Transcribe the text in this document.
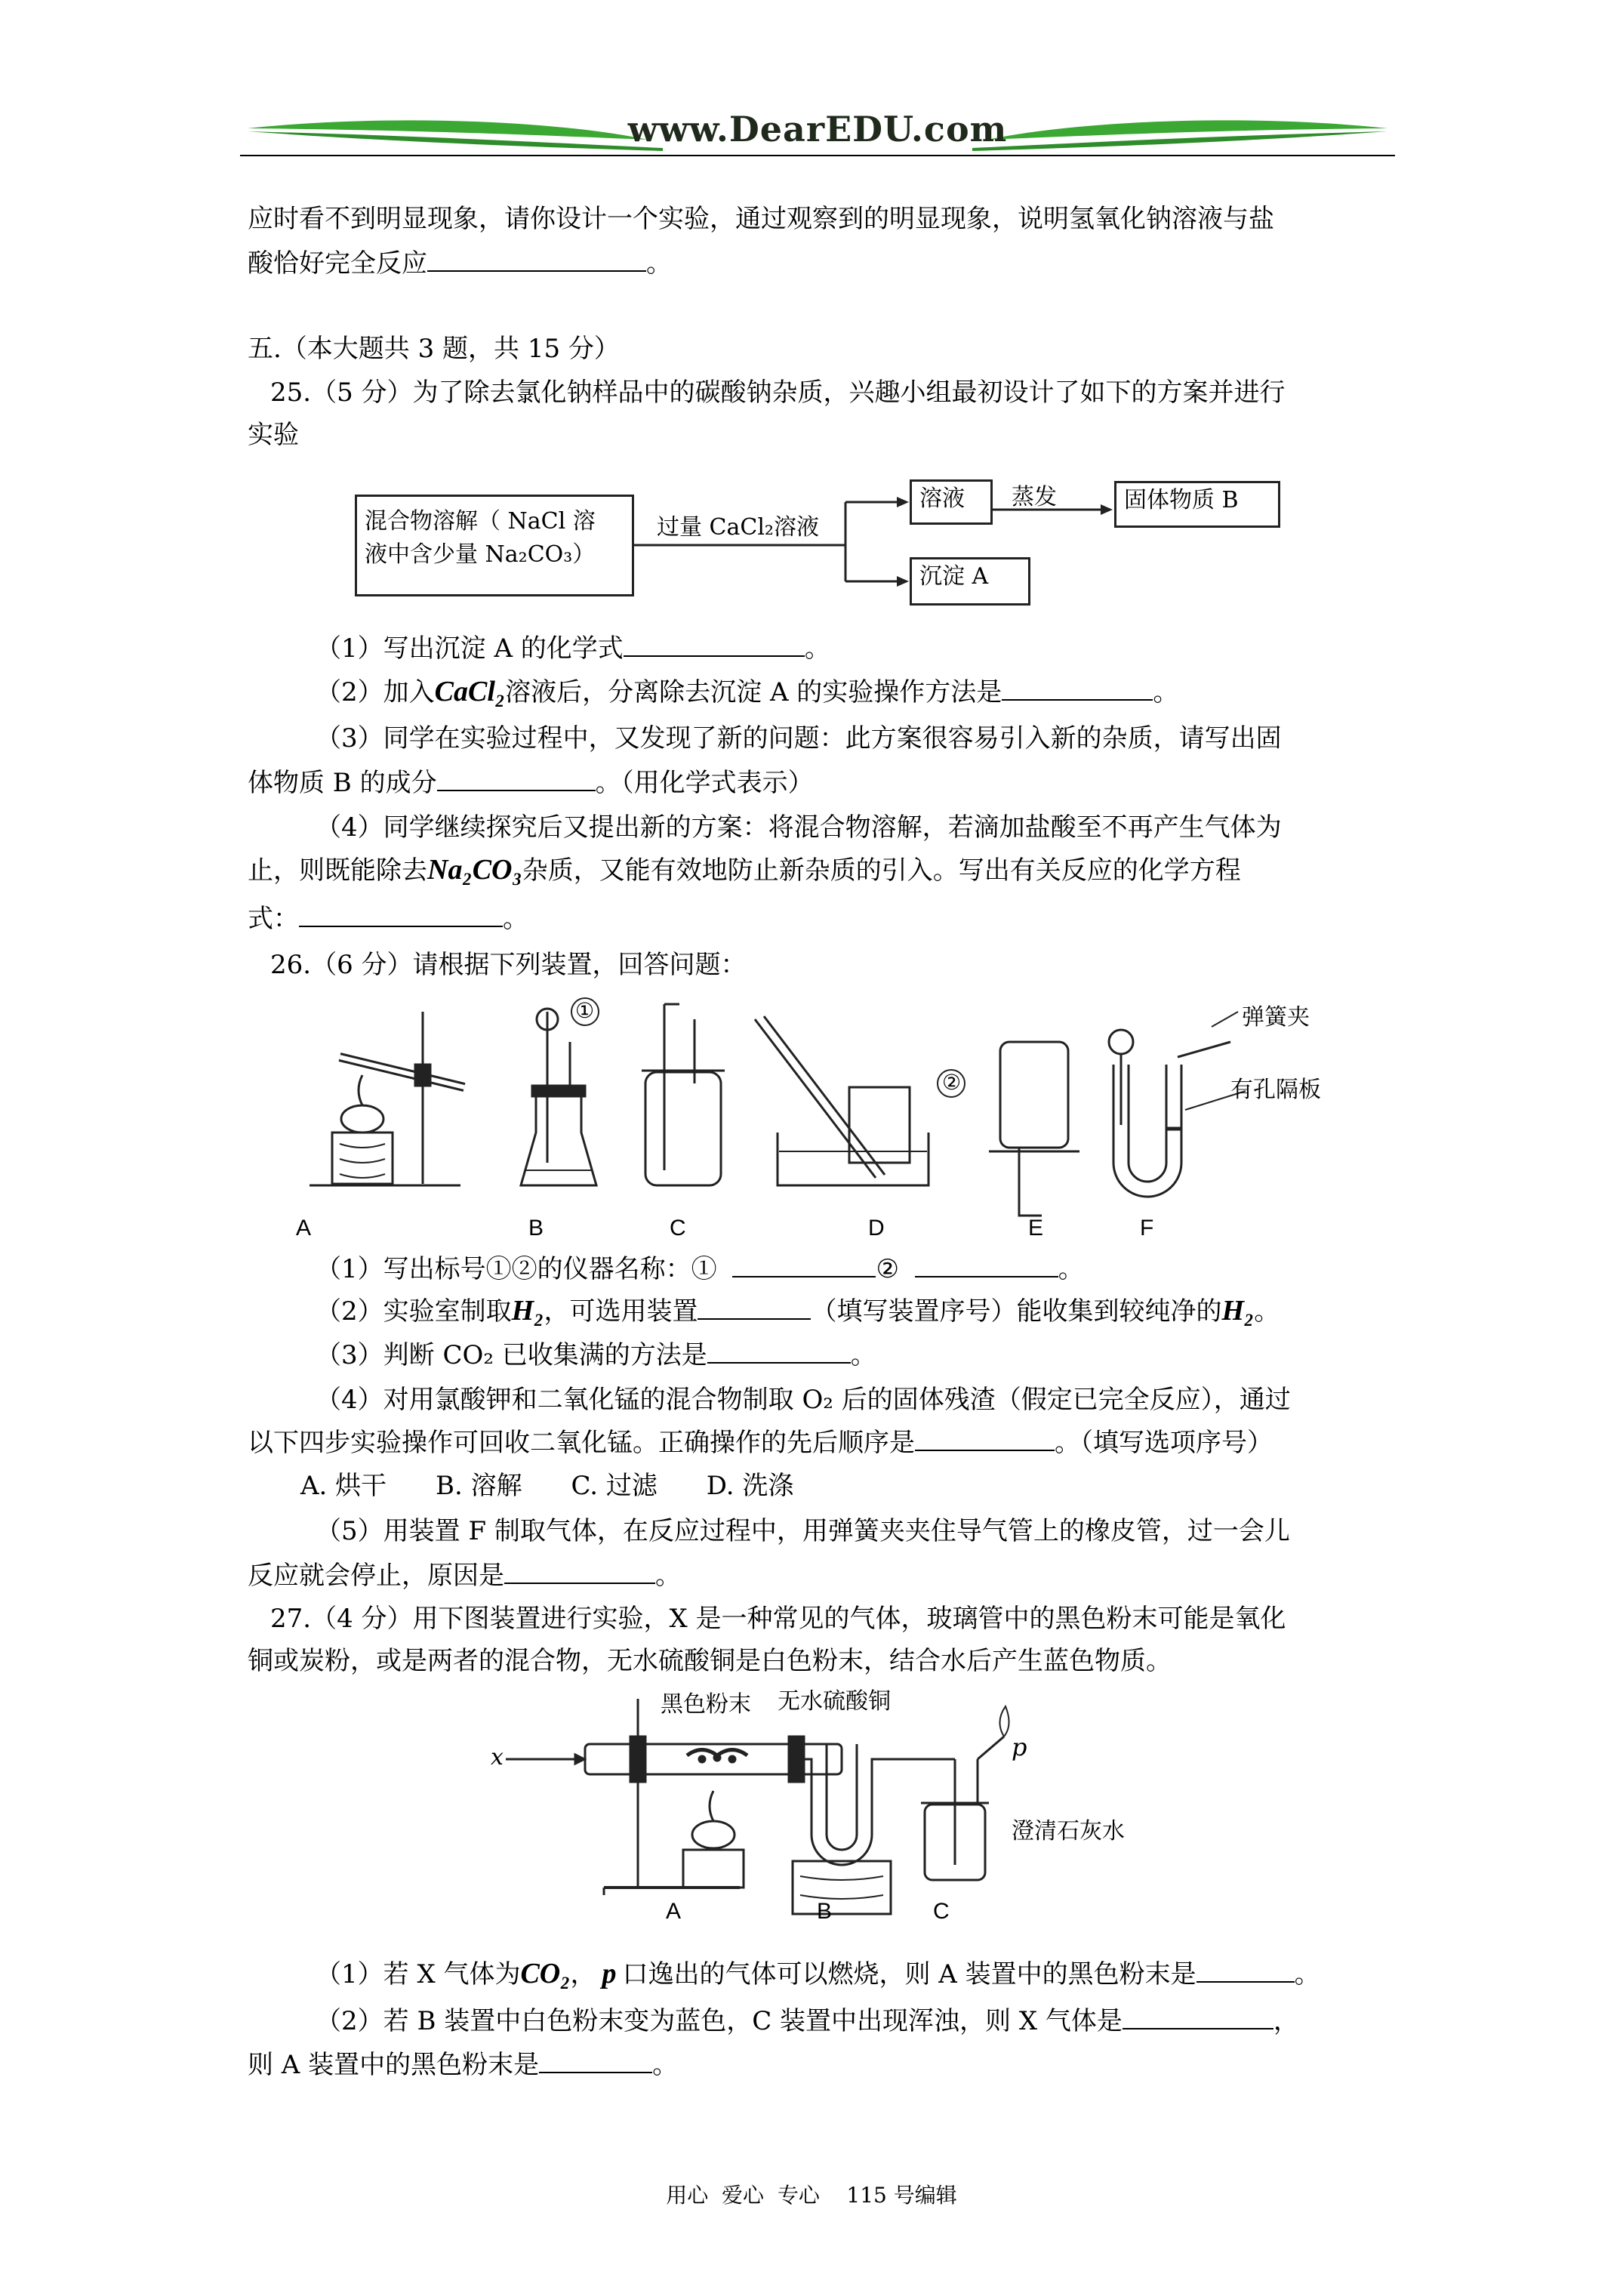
www.DearEDU.com
应时看不到明显现象，请你设计一个实验，通过观察到的明显现象，说明氢氧化钠溶液与盐
酸恰好完全反应	。
五.（本大题共 3 题，共 15 分）
25.（5 分）为了除去氯化钠样品中的碳酸钠杂质，兴趣小组最初设计了如下的方案并进行
实验
混合物溶解（ NaCl 溶
液中含少量 Na₂CO₃）
过量 CaCl₂溶液
溶液	蒸发	固体物质 B
沉淀 A
（1）写出沉淀 A 的化学式	。
（2）加入CaCl₂溶液后，分离除去沉淀 A 的实验操作方法是	。
（3）同学在实验过程中，又发现了新的问题：此方案很容易引入新的杂质，请写出固
体物质 B 的成分	。（用化学式表示）
（4）同学继续探究后又提出新的方案：将混合物溶解，若滴加盐酸至不再产生气体为
止，则既能除去Na₂CO₃杂质，又能有效地防止新杂质的引入。写出有关反应的化学方程
式：	。
26.（6 分）请根据下列装置，回答问题：
A	B	C	D	E	F
①
②
弹簧夹
有孔隔板
（1）写出标号①②的仪器名称：①	②	。
（2）实验室制取H₂，可选用装置	（填写装置序号）能收集到较纯净的H₂。
（3）判断 CO₂ 已收集满的方法是	。
（4）对用氯酸钾和二氧化锰的混合物制取 O₂ 后的固体残渣（假定已完全反应），通过
以下四步实验操作可回收二氧化锰。正确操作的先后顺序是	。（填写选项序号）
A. 烘干      B. 溶解      C. 过滤      D. 洗涤
（5）用装置 F 制取气体，在反应过程中，用弹簧夹夹住导气管上的橡皮管，过一会儿
反应就会停止，原因是	。
27.（4 分）用下图装置进行实验，X 是一种常见的气体，玻璃管中的黑色粉末可能是氧化
铜或炭粉，或是两者的混合物，无水硫酸铜是白色粉末，结合水后产生蓝色物质。
黑色粉末 无水硫酸铜
澄清石灰水
x	p
A	B	C
（1）若 X 气体为CO₂， p 口逸出的气体可以燃烧，则 A 装置中的黑色粉末是	。
（2）若 B 装置中白色粉末变为蓝色，C 装置中出现浑浊，则 X 气体是	，
则 A 装置中的黑色粉末是	。
用心  爱心  专心    115 号编辑
